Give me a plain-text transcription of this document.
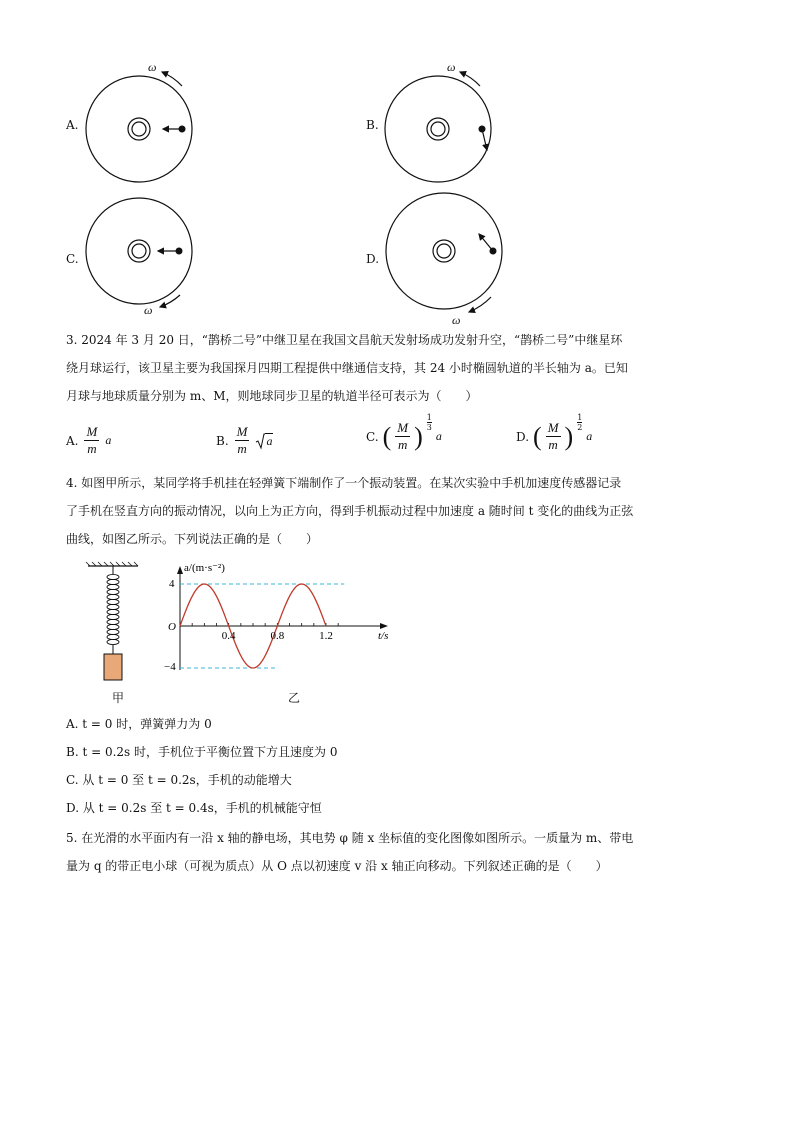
A.	B.
C.	D.
ω	ω
ω
ω
3. 2024 年 3 月 20 日，“鹊桥二号”中继卫星在我国文昌航天发射场成功发射升空，“鹊桥二号”中继星环
绕月球运行，该卫星主要为我国探月四期工程提供中继通信支持，其 24 小时椭圆轨道的半长轴为 a。已知
月球与地球质量分别为 m、M，则地球同步卫星的轨道半径可表示为（　　）
A. $\frac{M}{m}$ a	B. $\frac{M}{m}$ a	C. ( $\frac{M}{m}$ )
1
3
a	D. ( $\frac{M}{m}$ )
1
2
a
4. 如图甲所示，某同学将手机挂在轻弹簧下端制作了一个振动装置。在某次实验中手机加速度传感器记录
了手机在竖直方向的振动情况，以向上为正方向，得到手机振动过程中加速度 a 随时间 t 变化的曲线为正弦
曲线，如图乙所示。下列说法正确的是（　　）
甲
a/(m·s⁻²)
O
4
−4
0.4	0.8	1.2	t/s
乙
A. t = 0 时，弹簧弹力为 0
B. t = 0.2s 时，手机位于平衡位置下方且速度为 0
C. 从 t = 0 至 t = 0.2s，手机的动能增大
D. 从 t = 0.2s 至 t = 0.4s，手机的机械能守恒
5. 在光滑的水平面内有一沿 x 轴的静电场，其电势 φ 随 x 坐标值的变化图像如图所示。一质量为 m、带电
量为 q 的带正电小球（可视为质点）从 O 点以初速度 v 沿 x 轴正向移动。下列叙述正确的是（　　）
